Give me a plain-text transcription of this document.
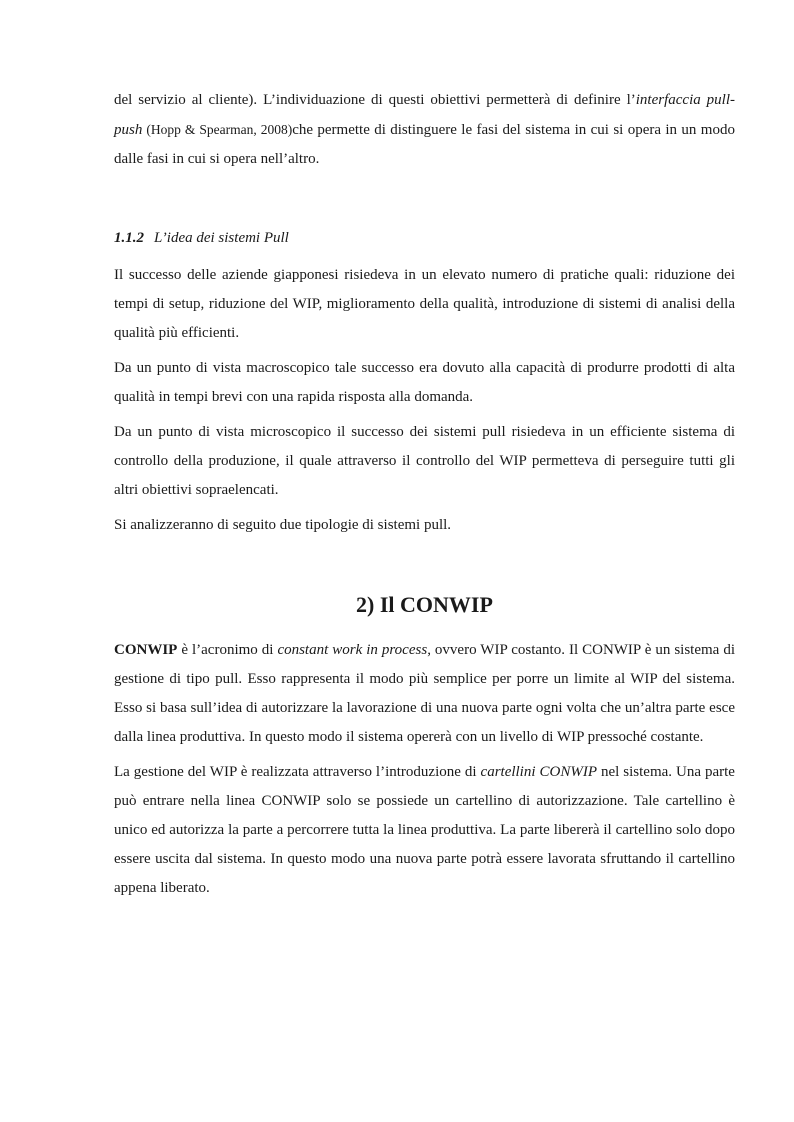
del servizio al cliente). L’individuazione di questi obiettivi permetterà di definire l’interfaccia pull-push (Hopp & Spearman, 2008)che permette di distinguere le fasi del sistema in cui si opera in un modo dalle fasi in cui si opera nell’altro.

1.1.2 L’idea dei sistemi Pull

Il successo delle aziende giapponesi risiedeva in un elevato numero di pratiche quali: riduzione dei tempi di setup, riduzione del WIP, miglioramento della qualità, introduzione di sistemi di analisi della qualità più efficienti.

Da un punto di vista macroscopico tale successo era dovuto alla capacità di produrre prodotti di alta qualità in tempi brevi con una rapida risposta alla domanda.

Da un punto di vista microscopico il successo dei sistemi pull risiedeva in un efficiente sistema di controllo della produzione, il quale attraverso il controllo del WIP permetteva di perseguire tutti gli altri obiettivi sopraelencati.

Si analizzeranno di seguito due tipologie di sistemi pull.

2) Il CONWIP

CONWIP è l’acronimo di constant work in process, ovvero WIP costanto. Il CONWIP è un sistema di gestione di tipo pull. Esso rappresenta il modo più semplice per porre un limite al WIP del sistema. Esso si basa sull’idea di autorizzare la lavorazione di una nuova parte ogni volta che un’altra parte esce dalla linea produttiva. In questo modo il sistema opererà con un livello di WIP pressoché costante.

La gestione del WIP è realizzata attraverso l’introduzione di cartellini CONWIP nel sistema. Una parte può entrare nella linea CONWIP solo se possiede un cartellino di autorizzazione. Tale cartellino è unico ed autorizza la parte a percorrere tutta la linea produttiva. La parte libererà il cartellino solo dopo essere uscita dal sistema. In questo modo una nuova parte potrà essere lavorata sfruttando il cartellino appena liberato.
